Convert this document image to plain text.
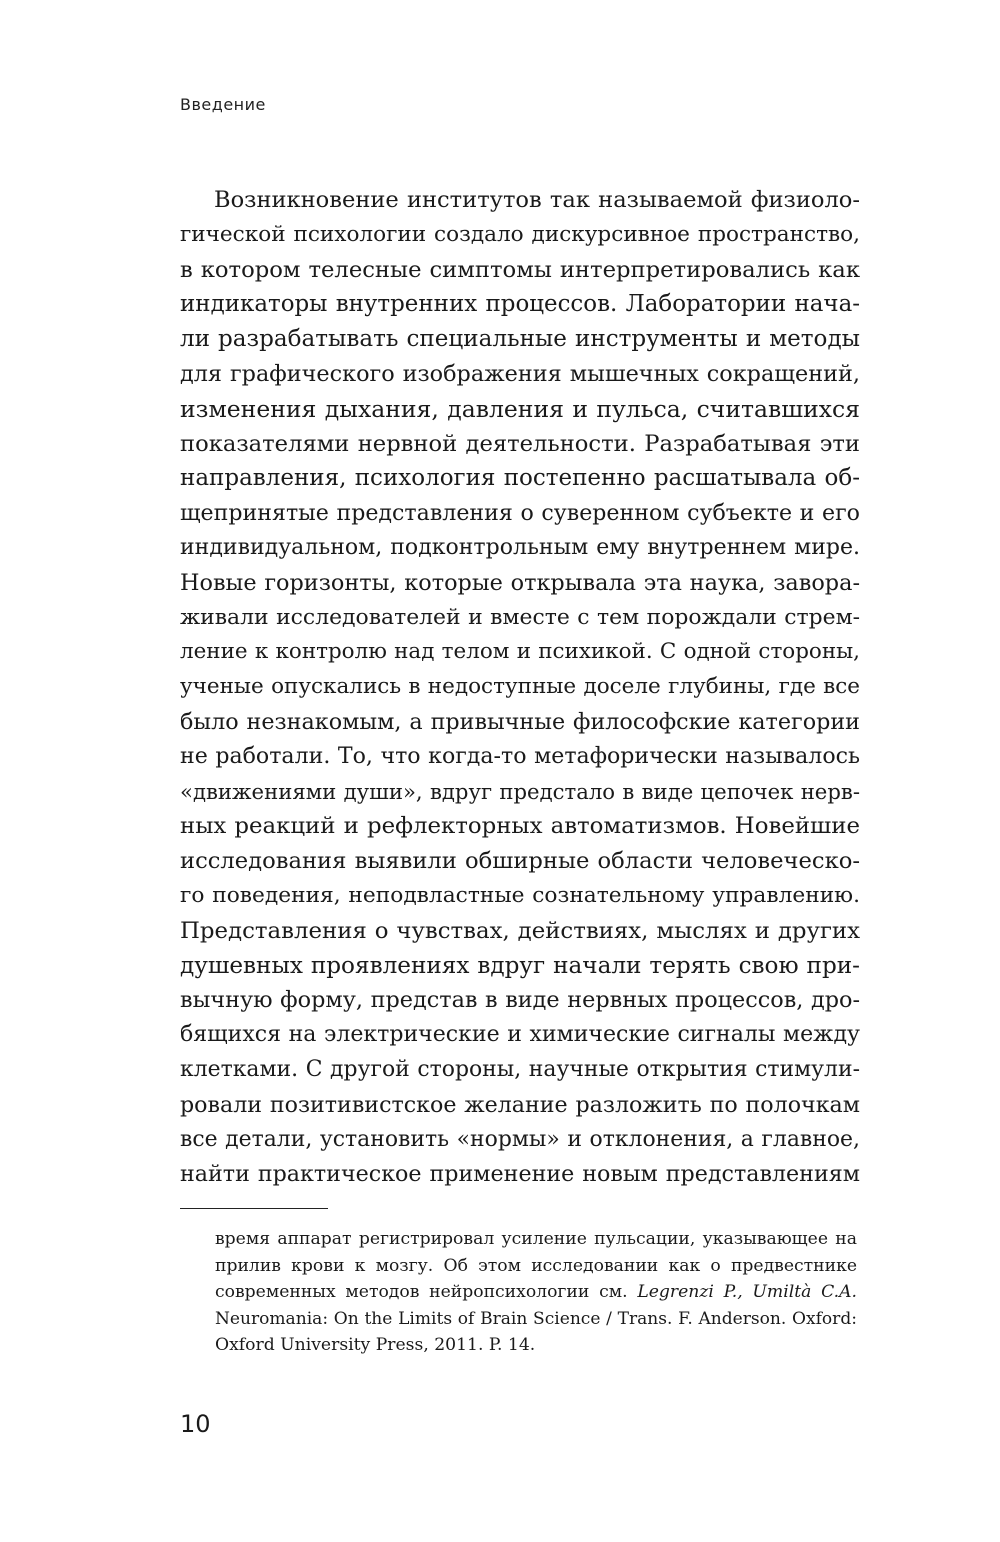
Введение
Возникновение институтов так называемой физиоло-
гической психологии создало дискурсивное пространство,
в котором телесные симптомы интерпретировались как
индикаторы внутренних процессов. Лаборатории нача-
ли разрабатывать специальные инструменты и методы
для графического изображения мышечных сокращений,
изменения дыхания, давления и пульса, считавшихся
показателями нервной деятельности. Разрабатывая эти
направления, психология постепенно расшатывала об-
щепринятые представления о суверенном субъекте и его
индивидуальном, подконтрольным ему внутреннем мире.
Новые горизонты, которые открывала эта наука, завора-
живали исследователей и вместе с тем порождали стрем-
ление к контролю над телом и психикой. С одной стороны,
ученые опускались в недоступные доселе глубины, где все
было незнакомым, а привычные философские категории
не работали. То, что когда-то метафорически называлось
«движениями души», вдруг предстало в виде цепочек нерв-
ных реакций и рефлекторных автоматизмов. Новейшие
исследования выявили обширные области человеческо-
го поведения, неподвластные сознательному управлению.
Представления о чувствах, действиях, мыслях и других
душевных проявлениях вдруг начали терять свою при-
вычную форму, представ в виде нервных процессов, дро-
бящихся на электрические и химические сигналы между
клетками. С другой стороны, научные открытия стимули-
ровали позитивистское желание разложить по полочкам
все детали, установить «нормы» и отклонения, а главное,
найти практическое применение новым представлениям
время аппарат регистрировал усиление пульсации, указывающее на
прилив крови к мозгу. Об этом исследовании как о предвестнике
современных методов нейропсихологии см. Legrenzi P., Umiltà C.A.
Neuromania: On the Limits of Brain Science / Trans. F. Anderson. Oxford:
Oxford University Press, 2011. P. 14.
10
